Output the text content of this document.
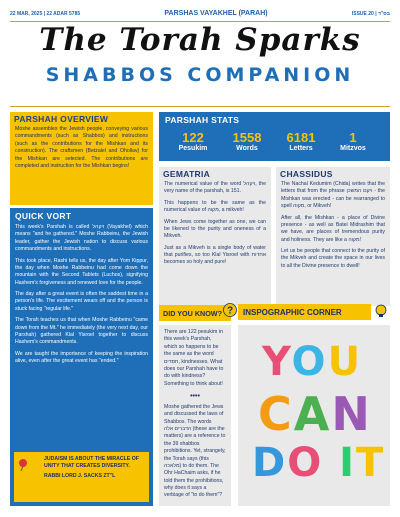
22 MAR, 2025 | 22 ADAR 5785	PARSHAS VAYAKHEL (PARAH)	ISSUE 20 | בס"ד
The Torah Sparks
SHABBOS COMPANION
PARSHAH OVERVIEW
Moshe assembles the Jewish people, conveying various commandments (such as Shabbos) and instructions (such as the contributions for the Mishkan and its construction). The craftsmen (Betzalel and Oholiav) for the Mishkan are selected. The contributions are completed and instruction for the Mishkan begins!
PARSHAH STATS
122
Pesukim
1558
Words
6181
Letters
1
Mitzvos
QUICK VORT

This week's Parshah is called ויקהל (Vayakhel) which means "and he gathered." Moshe Rabbeinu, the Jewish leader, gather the Jewish nation to discuss various commandments and instructions.

This took place, Rashi tells us, the day after Yom Kippur, the day when Moshe Rabbeinu had come down the mountain with the Second Tablets (Luchos), signifying Hashem's forgiveness and renewed love for the people.

The day after a great event is often the saddest time in a person's life. The excitement wears off and the person is stuck facing "regular life."

The Torah teaches us that when Moshe Rabbeinu "came down from the Mt." he immediately (the very next day, our Parshah) gathered Klal Yisroel together to discuss Hashem's commandments.

We are taught the importance of keeping the inspiration alive, even after the great event has "ended."

JUDAISM IS ABOUT THE MIRACLE OF UNITY THAT CREATES DIVERSITY.
RABBI LORD J. SACKS ZT"L
GEMATRIA

The numerical value of the word ויקהל, the very name of the parshah, is 151.

This happens to be the same as the numerical value of מקוה, a mikveh!

When Jews come together as one, we can be likened to the purity and oneness of a Mikveh.

Just as a Mikveh is a single body of water that purifies, so too Klal Yisroel with אחדות becomes so holy and pure!

CHASSIDUS

The Nachal Kedumim (Chida) writes that the letters that from the phrase ויקם המשכן - the Mishkan was erected - can be rearranged to spell מקוה, or Mikveh!

After all, the Mishkan - a place of Divine presence - as well as Batei Midrashim that we have, are places of tremendous purity and holiness. They are like a מקוה!

Let us be people that connect to the purity of the Mikveh and create the space in our lives to all the Divine presence to dwell!

DID YOU KNOW? ?

There are 122 pesukim in this week's Parshah, which so happens to be the same as the word חסדים, kindnesses. What does our Parshah have to do with kindness? Something to think about!

••••

Moshe gathered the Jews and discussed the laws of Shabbos. The words הדברים אלה (these are the matters) are a reference to the 39 shabbos prohibitions. Yet, strangely, the Torah says (this מלאכה) to do them. The Ohr HaChaim asks, if he told them the prohibitions, why does it says a verbiage of "to do them"?

INSPOGRAPHIC CORNER
YOU
CAN
DO IT
